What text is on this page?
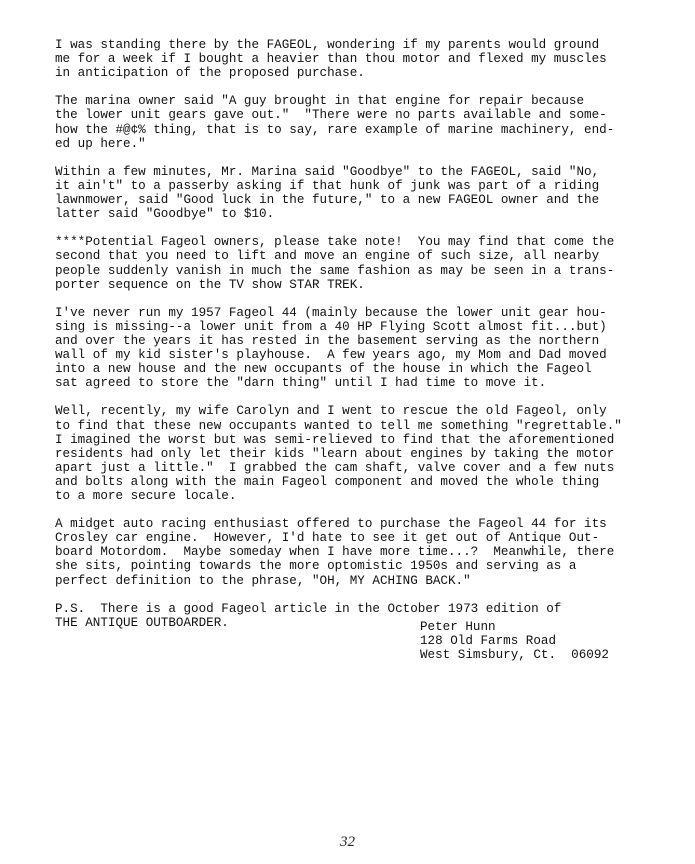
I was standing there by the FAGEOL, wondering if my parents would ground
me for a week if I bought a heavier than thou motor and flexed my muscles
in anticipation of the proposed purchase.
The marina owner said "A guy brought in that engine for repair because
the lower unit gears gave out."  "There were no parts available and some-
how the #@¢% thing, that is to say, rare example of marine machinery, end-
ed up here."
Within a few minutes, Mr. Marina said "Goodbye" to the FAGEOL, said "No,
it ain't" to a passerby asking if that hunk of junk was part of a riding
lawnmower, said "Good luck in the future," to a new FAGEOL owner and the
latter said "Goodbye" to $10.
****Potential Fageol owners, please take note!  You may find that come the
second that you need to lift and move an engine of such size, all nearby
people suddenly vanish in much the same fashion as may be seen in a trans-
porter sequence on the TV show STAR TREK.
I've never run my 1957 Fageol 44 (mainly because the lower unit gear hou-
sing is missing--a lower unit from a 40 HP Flying Scott almost fit...but)
and over the years it has rested in the basement serving as the northern
wall of my kid sister's playhouse.  A few years ago, my Mom and Dad moved
into a new house and the new occupants of the house in which the Fageol
sat agreed to store the "darn thing" until I had time to move it.
Well, recently, my wife Carolyn and I went to rescue the old Fageol, only
to find that these new occupants wanted to tell me something "regrettable."
I imagined the worst but was semi-relieved to find that the aforementioned
residents had only let their kids "learn about engines by taking the motor
apart just a little."  I grabbed the cam shaft, valve cover and a few nuts
and bolts along with the main Fageol component and moved the whole thing
to a more secure locale.
A midget auto racing enthusiast offered to purchase the Fageol 44 for its
Crosley car engine.  However, I'd hate to see it get out of Antique Out-
board Motordom.  Maybe someday when I have more time...?  Meanwhile, there
she sits, pointing towards the more optomistic 1950s and serving as a
perfect definition to the phrase, "OH, MY ACHING BACK."
P.S.  There is a good Fageol article in the October 1973 edition of
THE ANTIQUE OUTBOARDER.	Peter Hunn
128 Old Farms Road
West Simsbury, Ct.  06092
32
